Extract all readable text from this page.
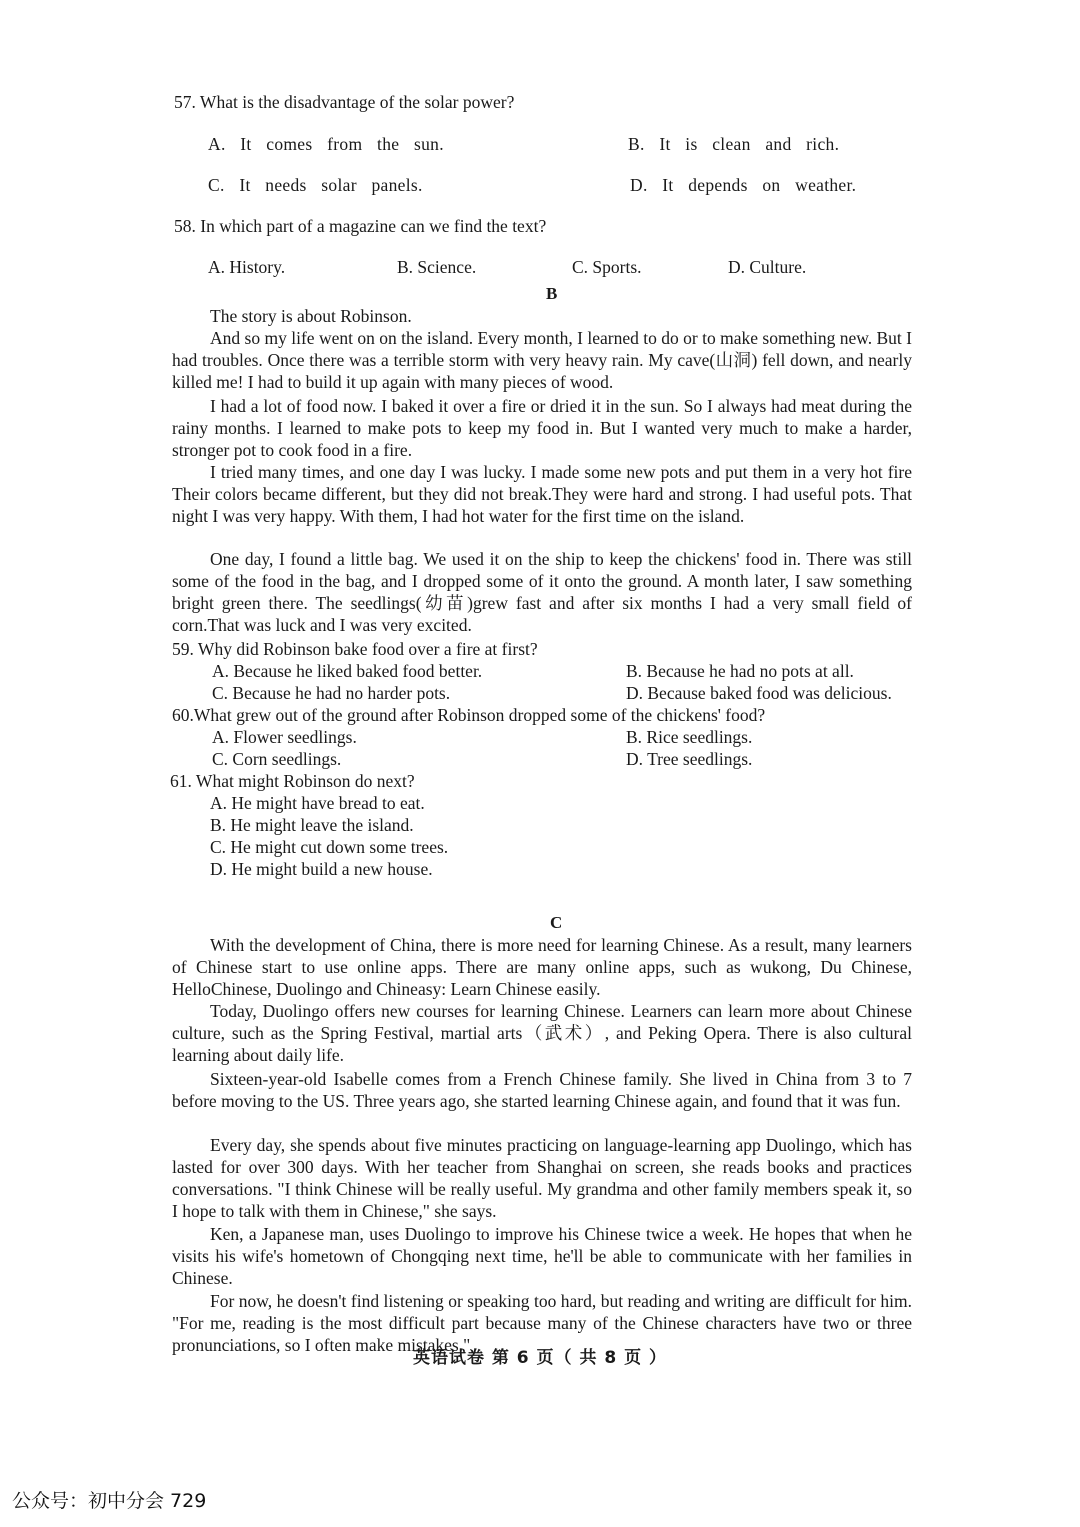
57. What is the disadvantage of the solar power?
A. It comes from the sun.	B. It is clean and rich.
C. It needs solar panels.	D. It depends on weather.
58. In which part of a magazine can we find the text?
A. History.	B. Science.	C. Sports.	D. Culture.
B

The story is about Robinson.

And so my life went on on the island. Every month, I learned to do or to make something new. But I had troubles. Once there was a terrible storm with very heavy rain. My cave(山洞) fell down, and nearly killed me! I had to build it up again with many pieces of wood.

I had a lot of food now. I baked it over a fire or dried it in the sun. So I always had meat during the rainy months. I learned to make pots to keep my food in. But I wanted very much to make a harder, stronger pot to cook food in a fire.

I tried many times, and one day I was lucky. I made some new pots and put them in a very hot fire Their colors became different, but they did not break.They were hard and strong. I had useful pots. That night I was very happy. With them, I had hot water for the first time on the island.

One day, I found a little bag. We used it on the ship to keep the chickens' food in. There was still some of the food in the bag, and I dropped some of it onto the ground. A month later, I saw something bright green there. The seedlings(幼苗)grew fast and after six months I had a very small field of corn.That was luck and I was very excited.

59. Why did Robinson bake food over a fire at first?
A. Because he liked baked food better.	B. Because he had no pots at all.
C. Because he had no harder pots.	D. Because baked food was delicious.
60.What grew out of the ground after Robinson dropped some of the chickens' food?
A. Flower seedlings.	B. Rice seedlings.
C. Corn seedlings.	D. Tree seedlings.
61. What might Robinson do next?
A. He might have bread to eat.
B. He might leave the island.
C. He might cut down some trees.
D. He might build a new house.
C

With the development of China, there is more need for learning Chinese. As a result, many learners of Chinese start to use online apps. There are many online apps, such as wukong, Du Chinese, HelloChinese, Duolingo and Chineasy: Learn Chinese easily.

Today, Duolingo offers new courses for learning Chinese. Learners can learn more about Chinese culture, such as the Spring Festival, martial arts（武术）, and Peking Opera. There is also cultural learning about daily life.

Sixteen-year-old Isabelle comes from a French Chinese family. She lived in China from 3 to 7 before moving to the US. Three years ago, she started learning Chinese again, and found that it was fun.

Every day, she spends about five minutes practicing on language-learning app Duolingo, which has lasted for over 300 days. With her teacher from Shanghai on screen, she reads books and practices conversations. "I think Chinese will be really useful. My grandma and other family members speak it, so I hope to talk with them in Chinese," she says.

Ken, a Japanese man, uses Duolingo to improve his Chinese twice a week. He hopes that when he visits his wife's hometown of Chongqing next time, he'll be able to communicate with her families in Chinese.

For now, he doesn't find listening or speaking too hard, but reading and writing are difficult for him. "For me, reading is the most difficult part because many of the Chinese characters have two or three pronunciations, so I often make mistakes."

英语试卷 第 6 页（ 共 8 页 ）
公众号：初中分会 729
